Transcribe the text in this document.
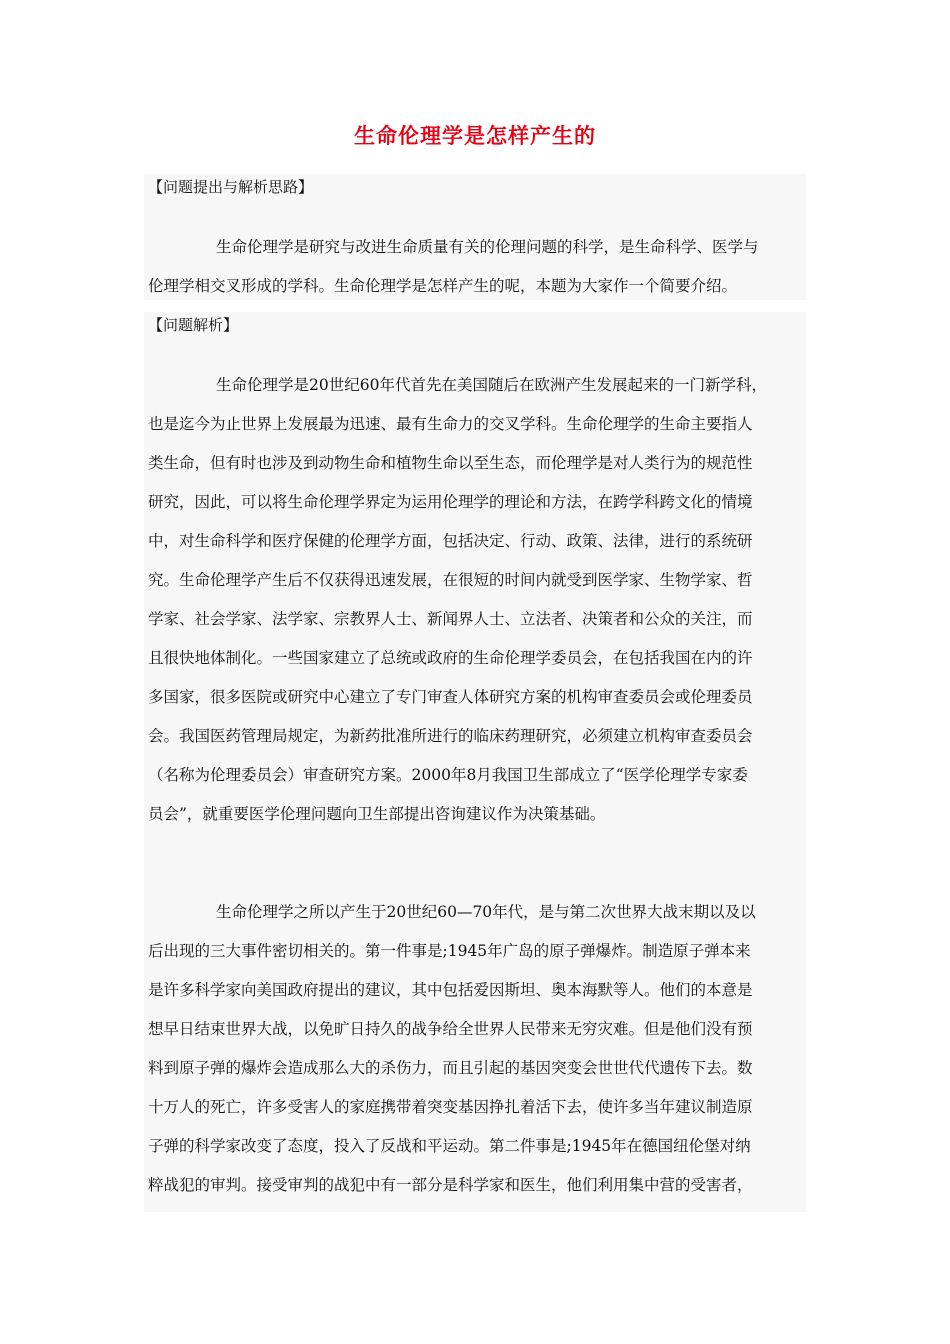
生命伦理学是怎样产生的
【问题提出与解析思路】
生命伦理学是研究与改进生命质量有关的伦理问题的科学，是生命科学、医学与
伦理学相交叉形成的学科。生命伦理学是怎样产生的呢，本题为大家作一个简要介绍。
【问题解析】
生命伦理学是20世纪60年代首先在美国随后在欧洲产生发展起来的一门新学科，
也是迄今为止世界上发展最为迅速、最有生命力的交叉学科。生命伦理学的生命主要指人
类生命，但有时也涉及到动物生命和植物生命以至生态，而伦理学是对人类行为的规范性
研究，因此，可以将生命伦理学界定为运用伦理学的理论和方法，在跨学科跨文化的情境
中，对生命科学和医疗保健的伦理学方面，包括决定、行动、政策、法律，进行的系统研
究。生命伦理学产生后不仅获得迅速发展，在很短的时间内就受到医学家、生物学家、哲
学家、社会学家、法学家、宗教界人士、新闻界人士、立法者、决策者和公众的关注，而
且很快地体制化。一些国家建立了总统或政府的生命伦理学委员会，在包括我国在内的许
多国家，很多医院或研究中心建立了专门审查人体研究方案的机构审查委员会或伦理委员
会。我国医药管理局规定，为新药批准所进行的临床药理研究，必须建立机构审查委员会
（名称为伦理委员会）审查研究方案。2000年8月我国卫生部成立了“医学伦理学专家委
员会”，就重要医学伦理问题向卫生部提出咨询建议作为决策基础。
生命伦理学之所以产生于20世纪60—70年代，是与第二次世界大战末期以及以
后出现的三大事件密切相关的。第一件事是;1945年广岛的原子弹爆炸。制造原子弹本来
是许多科学家向美国政府提出的建议，其中包括爱因斯坦、奥本海默等人。他们的本意是
想早日结束世界大战，以免旷日持久的战争给全世界人民带来无穷灾难。但是他们没有预
料到原子弹的爆炸会造成那么大的杀伤力，而且引起的基因突变会世世代代遗传下去。数
十万人的死亡，许多受害人的家庭携带着突变基因挣扎着活下去，使许多当年建议制造原
子弹的科学家改变了态度，投入了反战和平运动。第二件事是;1945年在德国纽伦堡对纳
粹战犯的审判。接受审判的战犯中有一部分是科学家和医生，他们利用集中营的受害者，
